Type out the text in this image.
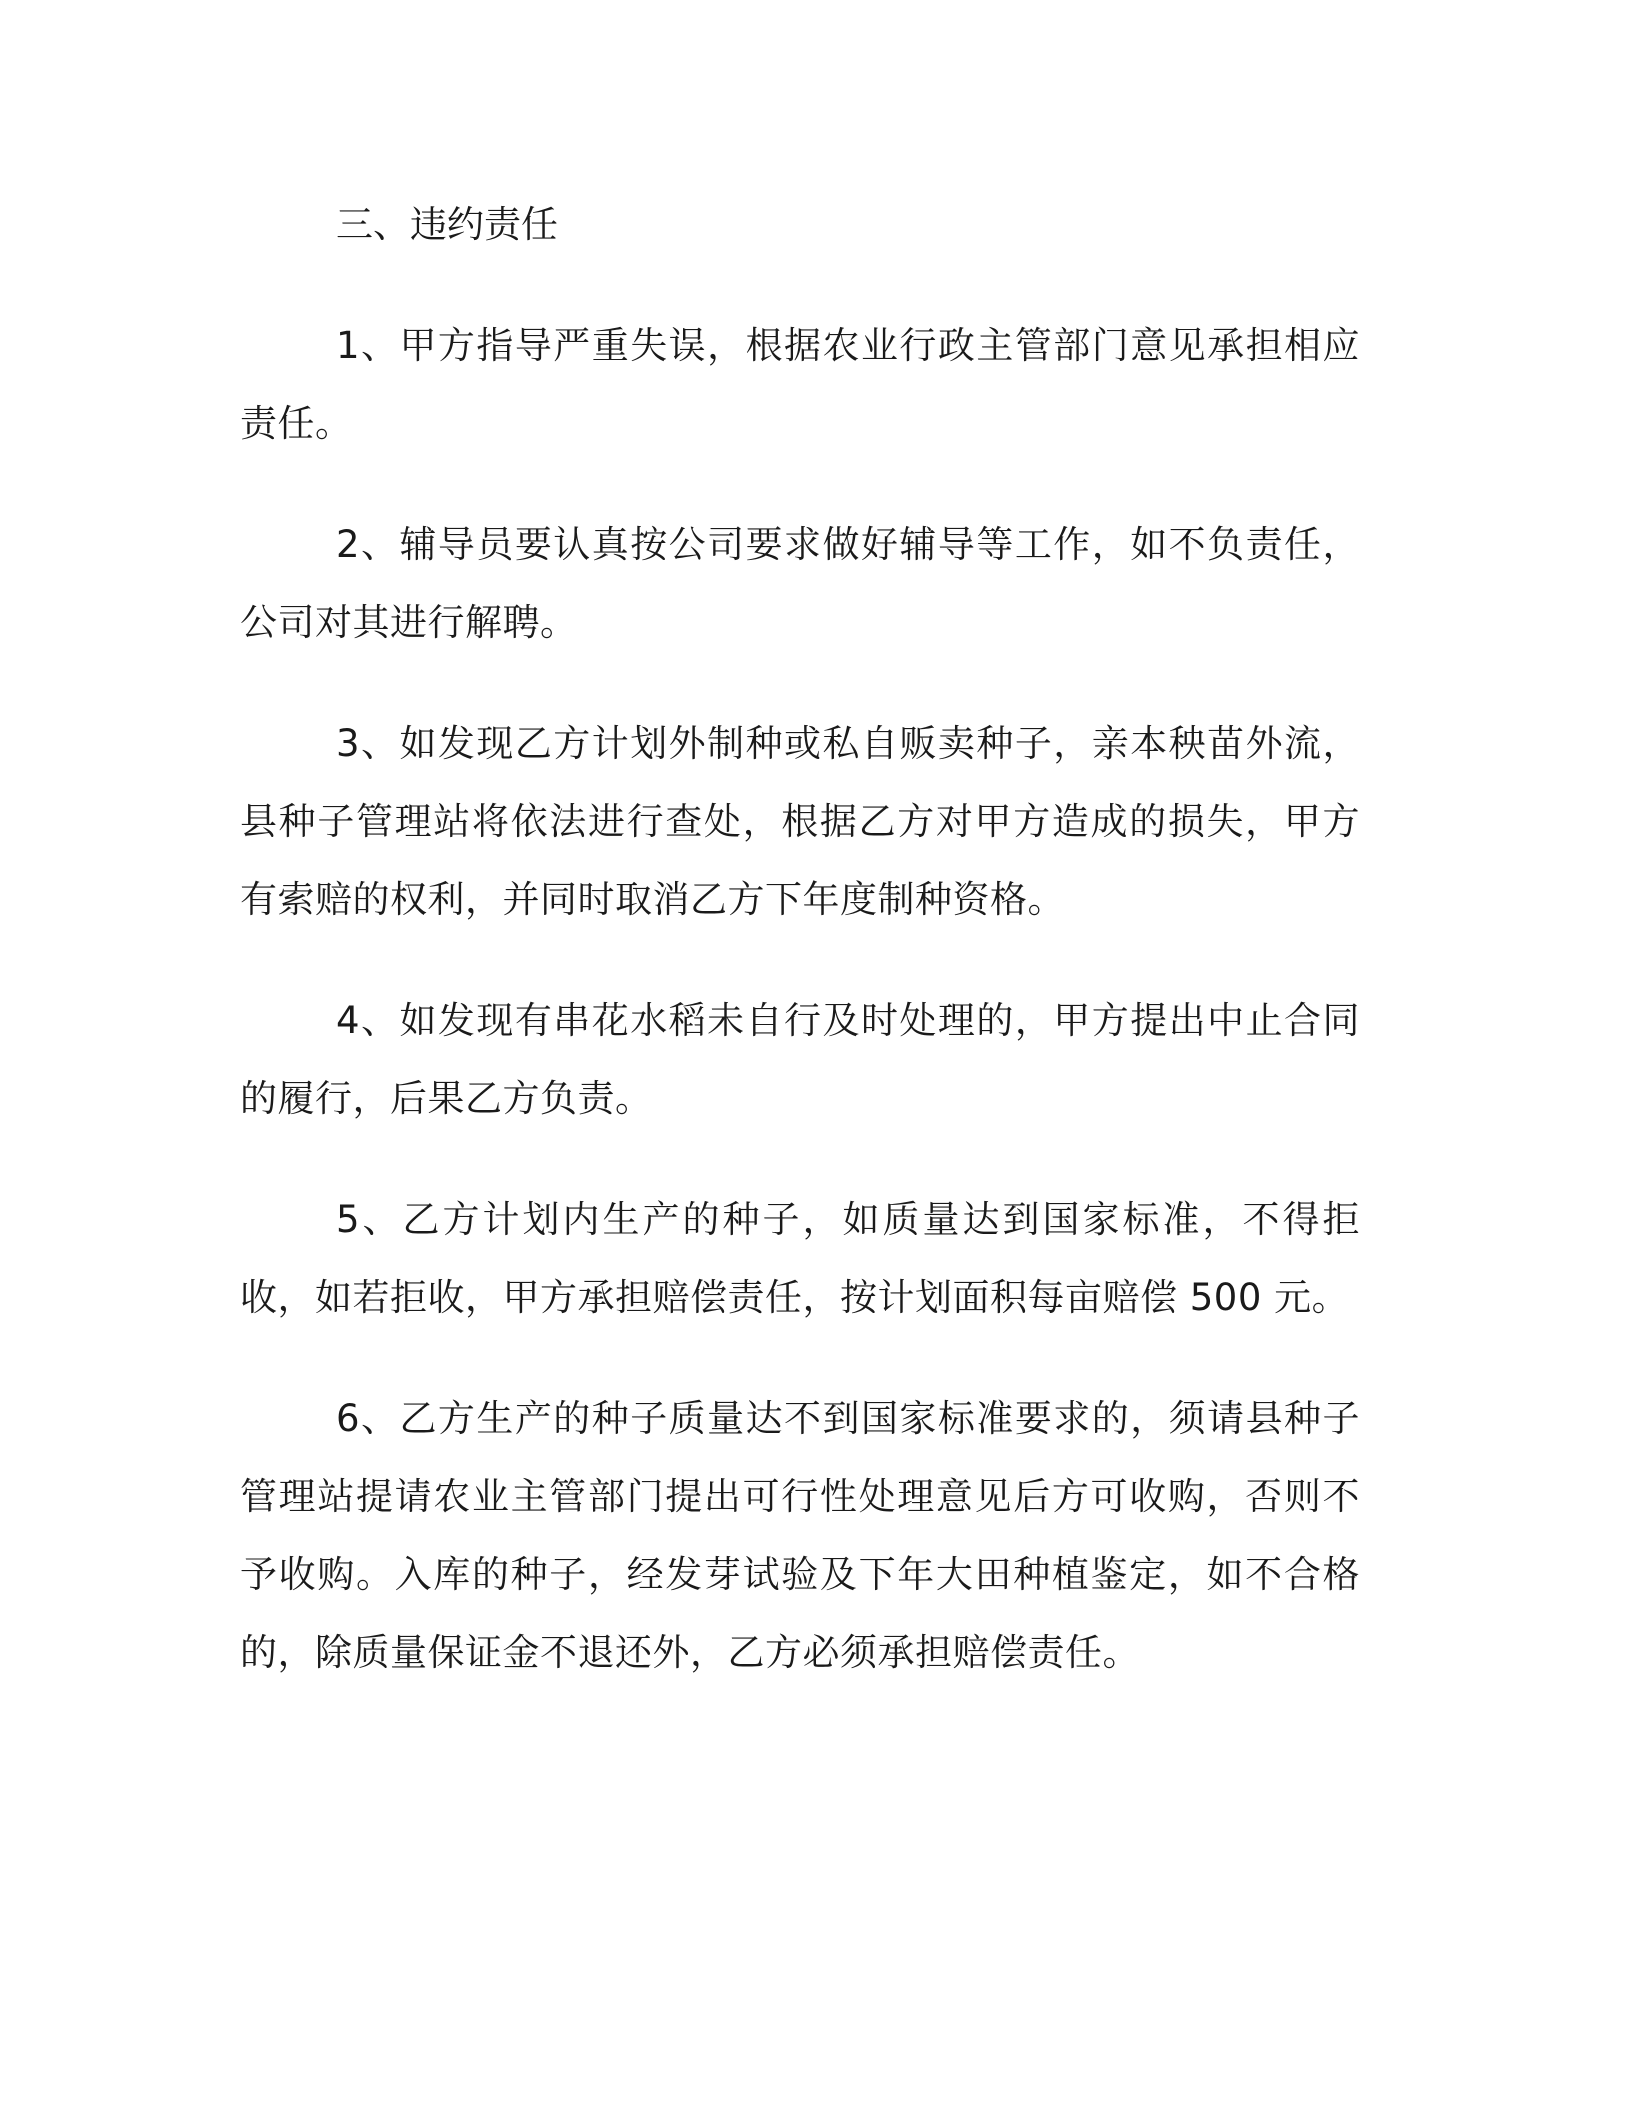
三、违约责任

1、甲方指导严重失误，根据农业行政主管部门意见承担相应责任。

2、辅导员要认真按公司要求做好辅导等工作，如不负责任，公司对其进行解聘。

3、如发现乙方计划外制种或私自贩卖种子，亲本秧苗外流，县种子管理站将依法进行查处，根据乙方对甲方造成的损失，甲方有索赔的权利，并同时取消乙方下年度制种资格。

4、如发现有串花水稻未自行及时处理的，甲方提出中止合同的履行，后果乙方负责。

5、乙方计划内生产的种子，如质量达到国家标准，不得拒收，如若拒收，甲方承担赔偿责任，按计划面积每亩赔偿 500 元。

6、乙方生产的种子质量达不到国家标准要求的，须请县种子管理站提请农业主管部门提出可行性处理意见后方可收购，否则不予收购。入库的种子，经发芽试验及下年大田种植鉴定，如不合格的，除质量保证金不退还外，乙方必须承担赔偿责任。
